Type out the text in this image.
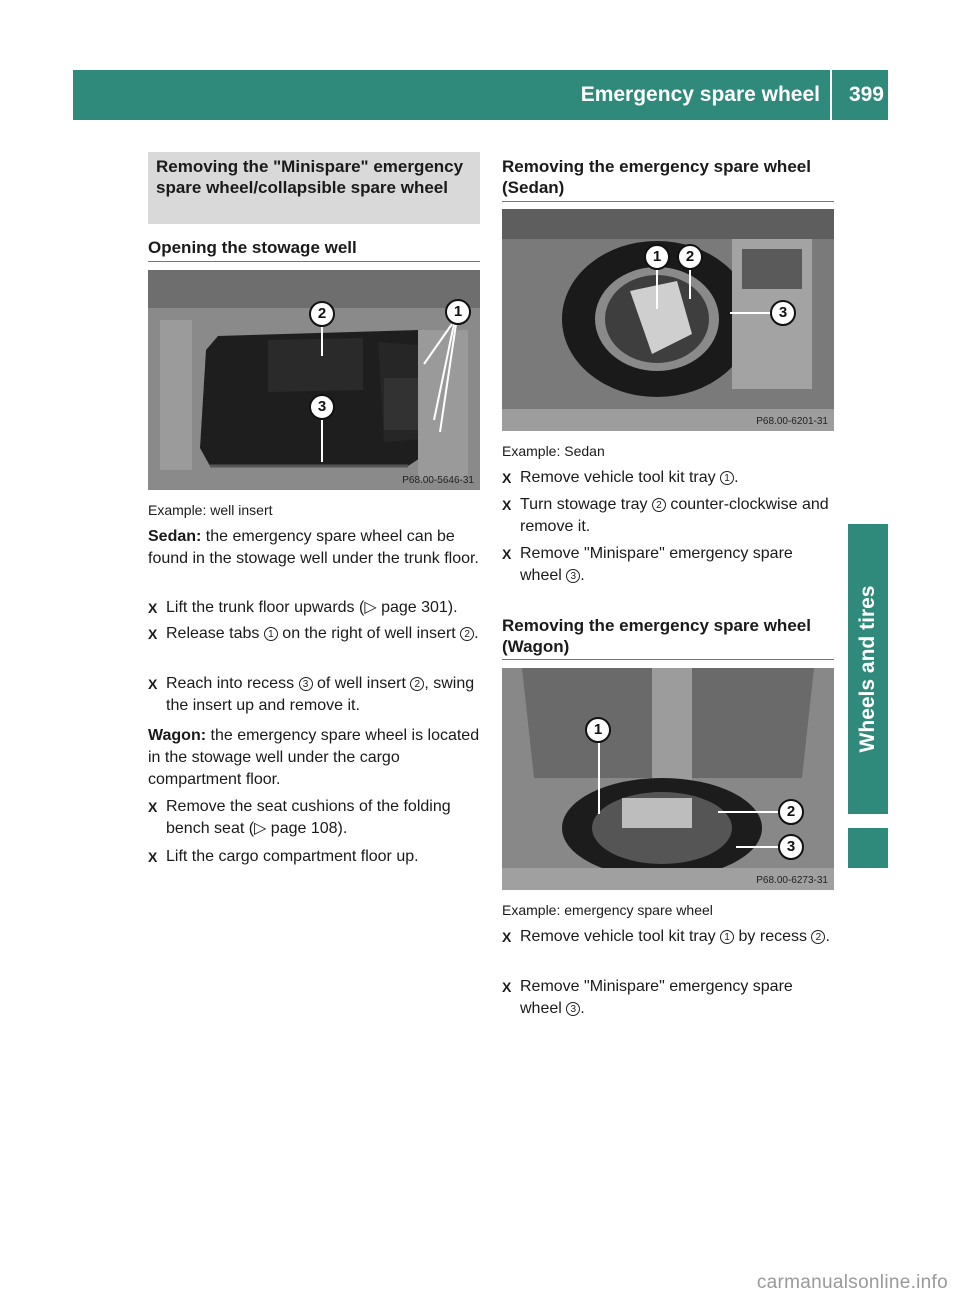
Emergency spare wheel 399
Wheels and tires
Removing the "Minispare" emergency spare wheel/collapsible spare wheel
Opening the stowage well
2	1
3
P68.00-5646-31
Example: well insert
Sedan: the emergency spare wheel can be found in the stowage well under the trunk floor.
X Lift the trunk floor upwards (▷ page 301).
X Release tabs 1 on the right of well insert 2 .
X Reach into recess 3 of well insert 2 , swing the insert up and remove it.
Wagon: the emergency spare wheel is located in the stowage well under the cargo compartment floor.
X Remove the seat cushions of the folding bench seat (▷ page 108).
X Lift the cargo compartment floor up.
Removing the emergency spare wheel (Sedan)
1	2
3
P68.00-6201-31
Example: Sedan
X Remove vehicle tool kit tray 1 .
X Turn stowage tray 2 counter-clockwise and remove it.
X Remove "Minispare" emergency spare wheel 3 .
Removing the emergency spare wheel (Wagon)
1
2
3
P68.00-6273-31
Example: emergency spare wheel
X Remove vehicle tool kit tray 1 by recess 2 .
X Remove "Minispare" emergency spare wheel 3 .
carmanualsonline.info
